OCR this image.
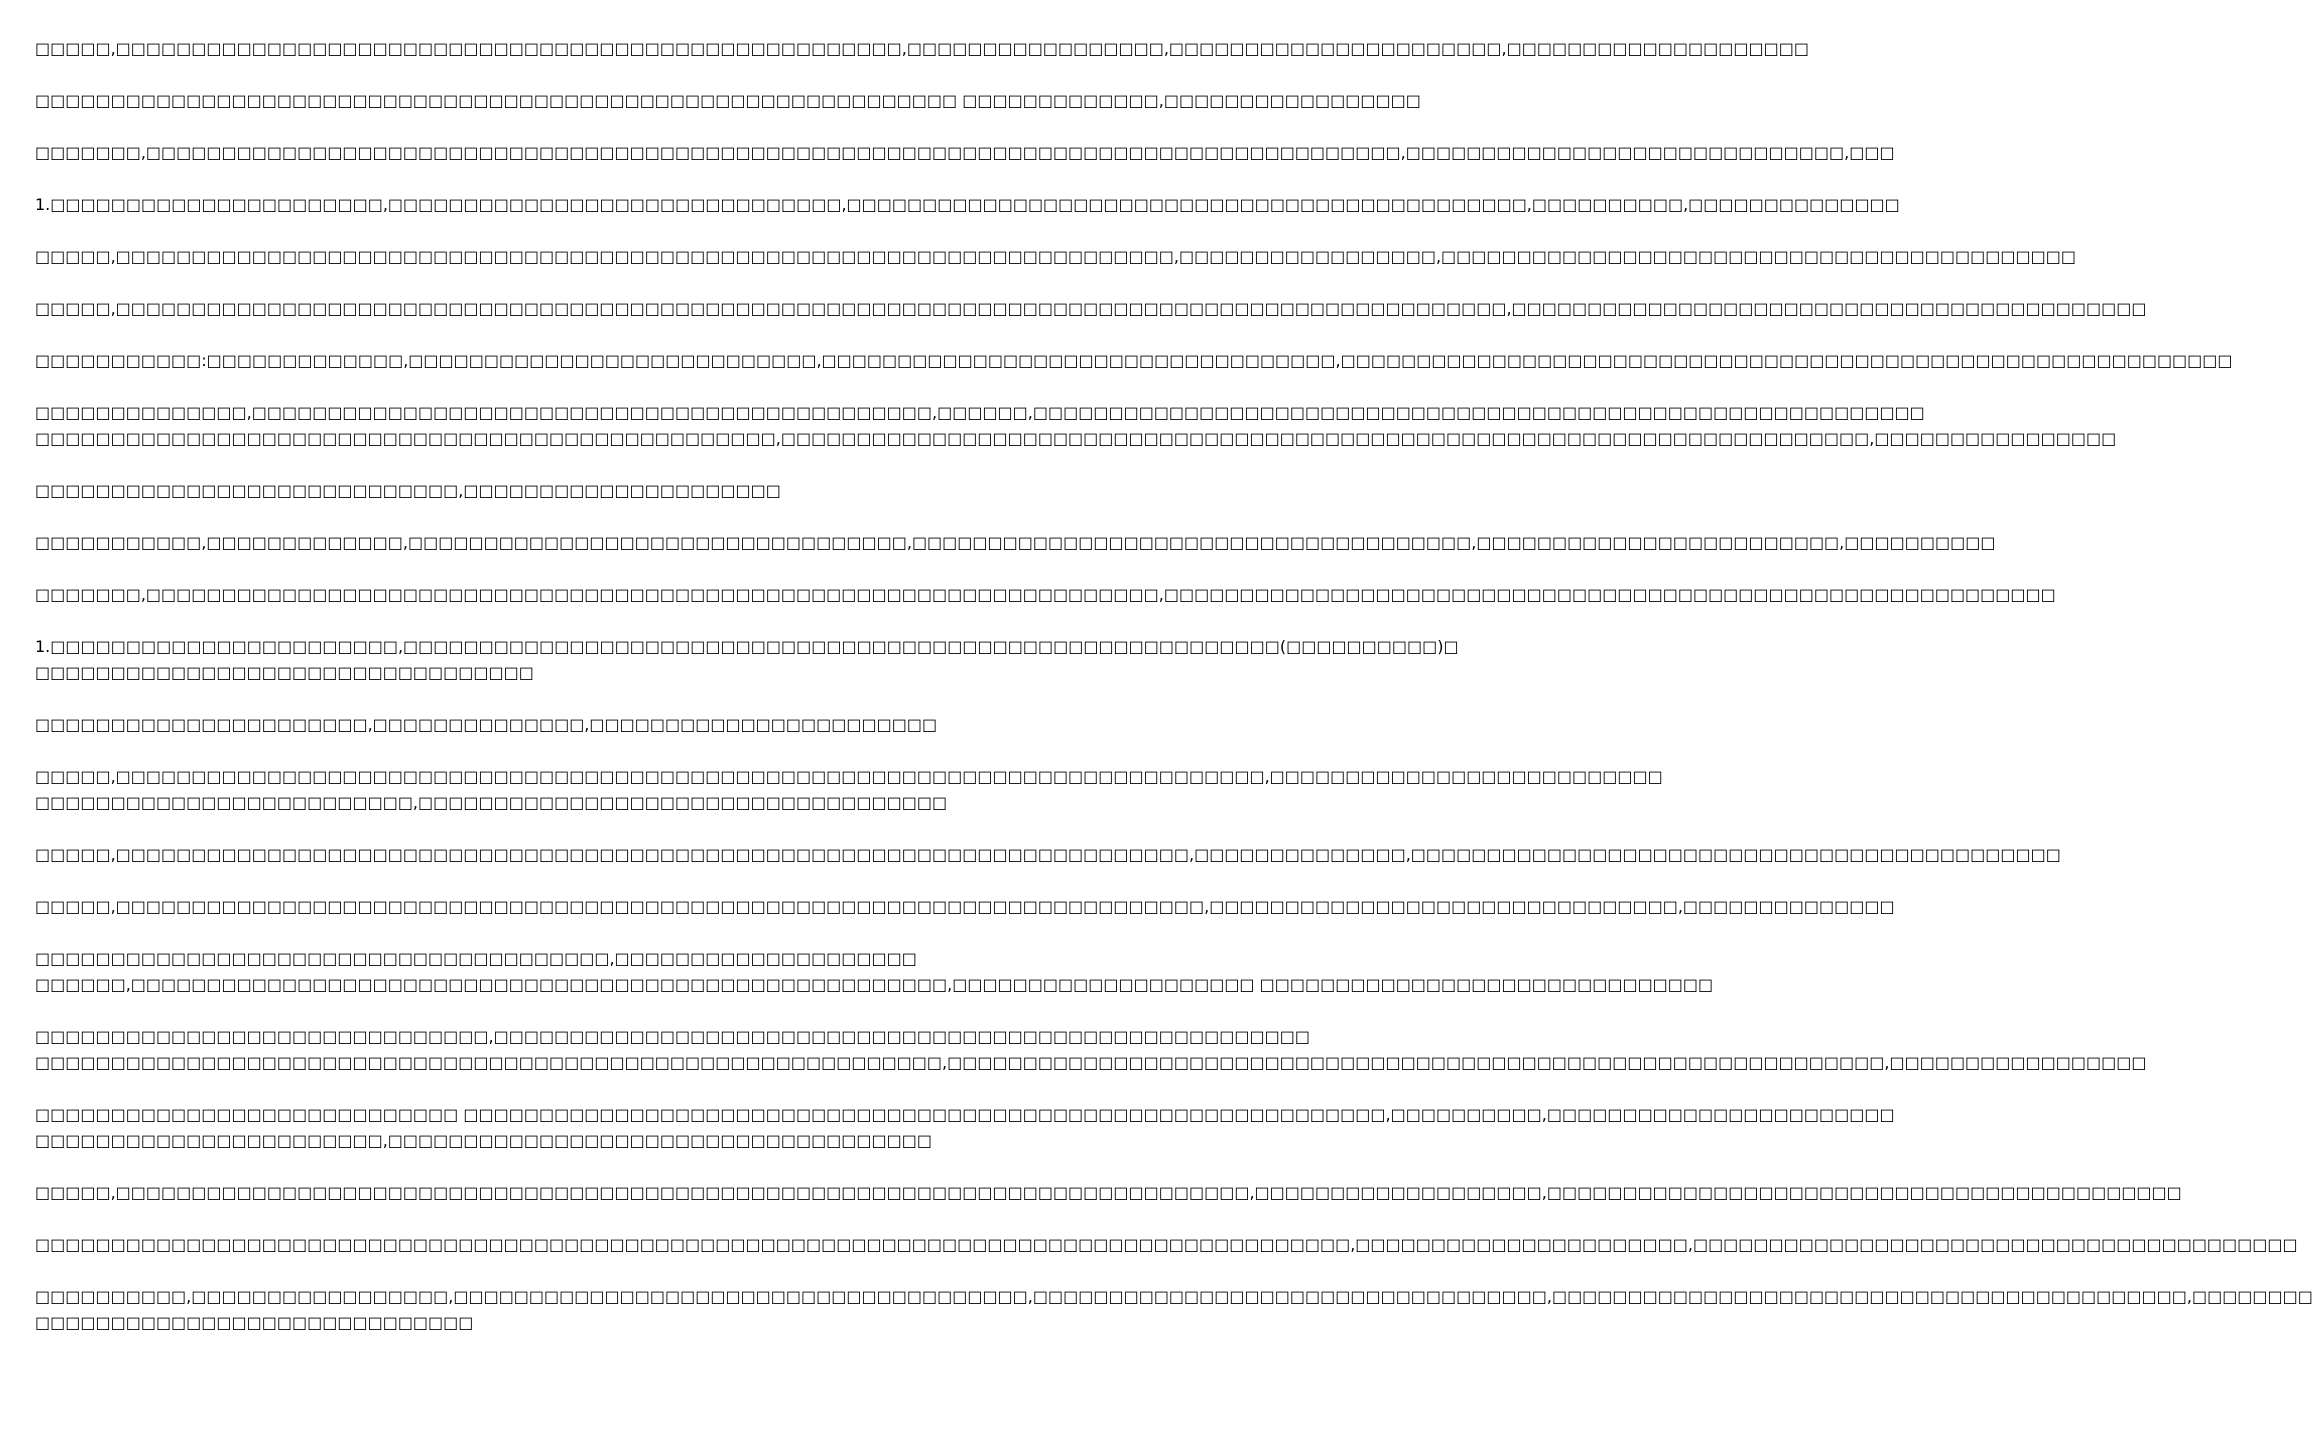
□□□□□,□□□□□□□□□□□□□□□□□□□□□□□□□□□□□□□□□□□□□□□□□□□□□□□□□□□□,□□□□□□□□□□□□□□□□□,□□□□□□□□□□□□□□□□□□□□□□,□□□□□□□□□□□□□□□□□□□□
□□□□□□□□□□□□□□□□□□□□□□□□□□□□□□□□□□□□□□□□□□□□□□□□□□□□□□□□□□□□□ □□□□□□□□□□□□□,□□□□□□□□□□□□□□□□□
□□□□□□□,□□□□□□□□□□□□□□□□□□□□□□□□□□□□□□□□□□□□□□□□□□□□□□□□□□□□□□□□□□□□□□□□□□□□□□□□□□□□□□□□□□□,□□□□□□□□□□□□□□□□□□□□□□□□□□□□□,□□□
1.□□□□□□□□□□□□□□□□□□□□□□,□□□□□□□□□□□□□□□□□□□□□□□□□□□□□□,□□□□□□□□□□□□□□□□□□□□□□□□□□□□□□□□□□□□□□□□□□□□□,□□□□□□□□□□,□□□□□□□□□□□□□□
□□□□□,□□□□□□□□□□□□□□□□□□□□□□□□□□□□□□□□□□□□□□□□□□□□□□□□□□□□□□□□□□□□□□□□□□□□□□,□□□□□□□□□□□□□□□□□,□□□□□□□□□□□□□□□□□□□□□□□□□□□□□□□□□□□□□□□□□□
□□□□□,□□□□□□□□□□□□□□□□□□□□□□□□□□□□□□□□□□□□□□□□□□□□□□□□□□□□□□□□□□□□□□□□□□□□□□□□□□□□□□□□□□□□□□□□□□□□,□□□□□□□□□□□□□□□□□□□□□□□□□□□□□□□□□□□□□□□□□□
□□□□□□□□□□□:□□□□□□□□□□□□□,□□□□□□□□□□□□□□□□□□□□□□□□□□□,□□□□□□□□□□□□□□□□□□□□□□□□□□□□□□□□□□,□□□□□□□□□□□□□□□□□□□□□□□□□□□□□□□□□□□□□□□□□□□□□□□□□□□□□□□□□□□
□□□□□□□□□□□□□□,□□□□□□□□□□□□□□□□□□□□□□□□□□□□□□□□□□□□□□□□□□□□□,□□□□□□,□□□□□□□□□□□□□□□□□□□□□□□□□□□□□□□□□□□□□□□□□□□□□□□□□□□□□□□□□□□
□□□□□□□□□□□□□□□□□□□□□□□□□□□□□□□□□□□□□□□□□□□□□□□□□,□□□□□□□□□□□□□□□□□□□□□□□□□□□□□□□□□□□□□□□□□□□□□□□□□□□□□□□□□□□□□□□□□□□□□□□□,□□□□□□□□□□□□□□□□
□□□□□□□□□□□□□□□□□□□□□□□□□□□□,□□□□□□□□□□□□□□□□□□□□□
□□□□□□□□□□□,□□□□□□□□□□□□□,□□□□□□□□□□□□□□□□□□□□□□□□□□□□□□□□□,□□□□□□□□□□□□□□□□□□□□□□□□□□□□□□□□□□□□□,□□□□□□□□□□□□□□□□□□□□□□□□,□□□□□□□□□□
□□□□□□□,□□□□□□□□□□□□□□□□□□□□□□□□□□□□□□□□□□□□□□□□□□□□□□□□□□□□□□□□□□□□□□□□□□□,□□□□□□□□□□□□□□□□□□□□□□□□□□□□□□□□□□□□□□□□□□□□□□□□□□□□□□□□□□□
1.□□□□□□□□□□□□□□□□□□□□□□□,□□□□□□□□□□□□□□□□□□□□□□□□□□□□□□□□□□□□□□□□□□□□□□□□□□□□□□□□□□(□□□□□□□□□□)□
□□□□□□□□□□□□□□□□□□□□□□□□□□□□□□□□□
□□□□□□□□□□□□□□□□□□□□□□,□□□□□□□□□□□□□□,□□□□□□□□□□□□□□□□□□□□□□□
□□□□□,□□□□□□□□□□□□□□□□□□□□□□□□□□□□□□□□□□□□□□□□□□□□□□□□□□□□□□□□□□□□□□□□□□□□□□□□□□□□,□□□□□□□□□□□□□□□□□□□□□□□□□□
□□□□□□□□□□□□□□□□□□□□□□□□□,□□□□□□□□□□□□□□□□□□□□□□□□□□□□□□□□□□□
□□□□□,□□□□□□□□□□□□□□□□□□□□□□□□□□□□□□□□□□□□□□□□□□□□□□□□□□□□□□□□□□□□□□□□□□□□□□□,□□□□□□□□□□□□□□,□□□□□□□□□□□□□□□□□□□□□□□□□□□□□□□□□□□□□□□□□□□
□□□□□,□□□□□□□□□□□□□□□□□□□□□□□□□□□□□□□□□□□□□□□□□□□□□□□□□□□□□□□□□□□□□□□□□□□□□□□□,□□□□□□□□□□□□□□□□□□□□□□□□□□□□□□□,□□□□□□□□□□□□□□
□□□□□□□□□□□□□□□□□□□□□□□□□□□□□□□□□□□□□□,□□□□□□□□□□□□□□□□□□□□
□□□□□□,□□□□□□□□□□□□□□□□□□□□□□□□□□□□□□□□□□□□□□□□□□□□□□□□□□□□□□,□□□□□□□□□□□□□□□□□□□□ □□□□□□□□□□□□□□□□□□□□□□□□□□□□□□
□□□□□□□□□□□□□□□□□□□□□□□□□□□□□□,□□□□□□□□□□□□□□□□□□□□□□□□□□□□□□□□□□□□□□□□□□□□□□□□□□□□□□
□□□□□□□□□□□□□□□□□□□□□□□□□□□□□□□□□□□□□□□□□□□□□□□□□□□□□□□□□□□□,□□□□□□□□□□□□□□□□□□□□□□□□□□□□□□□□□□□□□□□□□□□□□□□□□□□□□□□□□□□□□□,□□□□□□□□□□□□□□□□□
□□□□□□□□□□□□□□□□□□□□□□□□□□□□ □□□□□□□□□□□□□□□□□□□□□□□□□□□□□□□□□□□□□□□□□□□□□□□□□□□□□□□□□□□□□,□□□□□□□□□□,□□□□□□□□□□□□□□□□□□□□□□□
□□□□□□□□□□□□□□□□□□□□□□□,□□□□□□□□□□□□□□□□□□□□□□□□□□□□□□□□□□□□
□□□□□,□□□□□□□□□□□□□□□□□□□□□□□□□□□□□□□□□□□□□□□□□□□□□□□□□□□□□□□□□□□□□□□□□□□□□□□□□□□,□□□□□□□□□□□□□□□□□□□,□□□□□□□□□□□□□□□□□□□□□□□□□□□□□□□□□□□□□□□□□□
□□□□□□□□□□□□□□□□□□□□□□□□□□□□□□□□□□□□□□□□□□□□□□□□□□□□□□□□□□□□□□□□□□□□□□□□□□□□□□□□□□□□□□□,□□□□□□□□□□□□□□□□□□□□□□,□□□□□□□□□□□□□□□□□□□□□□□□□□□□□□□□□□□□□□□□
□□□□□□□□□□,□□□□□□□□□□□□□□□□□,□□□□□□□□□□□□□□□□□□□□□□□□□□□□□□□□□□□□□□,□□□□□□□□□□□□□□□□□□□□□□□□□□□□□□□□□□,□□□□□□□□□□□□□□□□□□□□□□□□□□□□□□□□□□□□□□□□□□,□□□□□□□□
□□□□□□□□□□□□□□□□□□□□□□□□□□□□□
